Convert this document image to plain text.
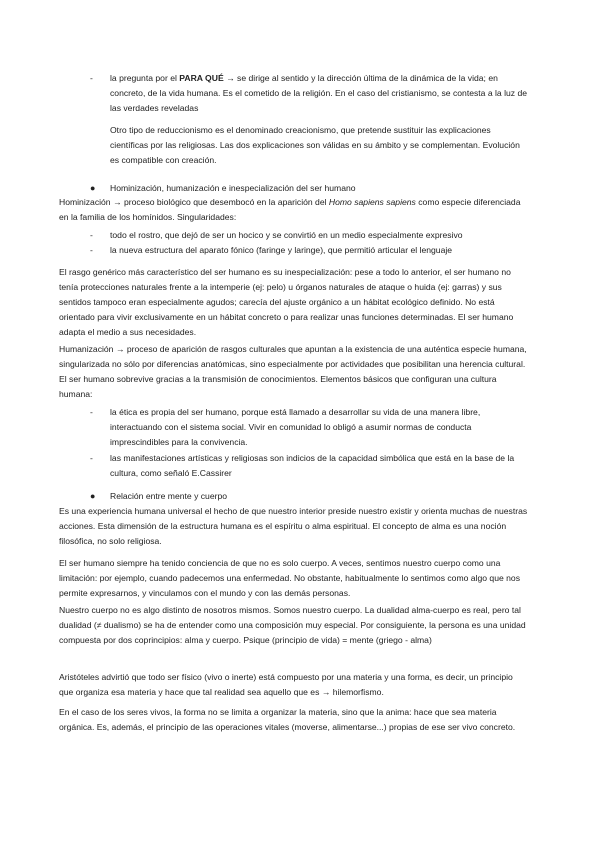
- la pregunta por el PARA QUÉ → se dirige al sentido y la dirección última de la dinámica de la vida; en concreto, de la vida humana. Es el cometido de la religión. En el caso del cristianismo, se contesta a la luz de las verdades reveladas

Otro tipo de reduccionismo es el denominado creacionismo, que pretende sustituir las explicaciones científicas por las religiosas. Las dos explicaciones son válidas en su ámbito y se complementan. Evolución es compatible con creación.

● Hominización, humanización e inespecialización del ser humano

Hominización → proceso biológico que desembocó en la aparición del Homo sapiens sapiens como especie diferenciada en la familia de los homínidos. Singularidades:

- todo el rostro, que dejó de ser un hocico y se convirtió en un medio especialmente expresivo

- la nueva estructura del aparato fónico (faringe y laringe), que permitió articular el lenguaje

El rasgo genérico más característico del ser humano es su inespecialización: pese a todo lo anterior, el ser humano no tenía protecciones naturales frente a la intemperie (ej: pelo) u órganos naturales de ataque o huida (ej: garras) y sus sentidos tampoco eran especialmente agudos; carecía del ajuste orgánico a un hábitat ecológico definido. No está orientado para vivir exclusivamente en un hábitat concreto o para realizar unas funciones determinadas. El ser humano adapta el medio a sus necesidades.

Humanización → proceso de aparición de rasgos culturales que apuntan a la existencia de una auténtica especie humana, singularizada no sólo por diferencias anatómicas, sino especialmente por actividades que posibilitan una herencia cultural. El ser humano sobrevive gracias a la transmisión de conocimientos. Elementos básicos que configuran una cultura humana:

- la ética es propia del ser humano, porque está llamado a desarrollar su vida de una manera libre, interactuando con el sistema social. Vivir en comunidad lo obligó a asumir normas de conducta imprescindibles para la convivencia.

- las manifestaciones artísticas y religiosas son indicios de la capacidad simbólica que está en la base de la cultura, como señaló E.Cassirer

● Relación entre mente y cuerpo

Es una experiencia humana universal el hecho de que nuestro interior preside nuestro existir y orienta muchas de nuestras acciones. Esta dimensión de la estructura humana es el espíritu o alma espiritual. El concepto de alma es una noción filosófica, no solo religiosa.

El ser humano siempre ha tenido conciencia de que no es solo cuerpo. A veces, sentimos nuestro cuerpo como una limitación: por ejemplo, cuando padecemos una enfermedad. No obstante, habitualmente lo sentimos como algo que nos permite expresarnos, y vinculamos con el mundo y con las demás personas.

Nuestro cuerpo no es algo distinto de nosotros mismos. Somos nuestro cuerpo. La dualidad alma-cuerpo es real, pero tal dualidad (≠ dualismo) se ha de entender como una composición muy especial. Por consiguiente, la persona es una unidad compuesta por dos coprincipios: alma y cuerpo. Psique (principio de vida) = mente (griego - alma)

Aristóteles advirtió que todo ser físico (vivo o inerte) está compuesto por una materia y una forma, es decir, un principio que organiza esa materia y hace que tal realidad sea aquello que es → hilemorfismo.

En el caso de los seres vivos, la forma no se limita a organizar la materia, sino que la anima: hace que sea materia orgánica. Es, además, el principio de las operaciones vitales (moverse, alimentarse...) propias de ese ser vivo concreto.
